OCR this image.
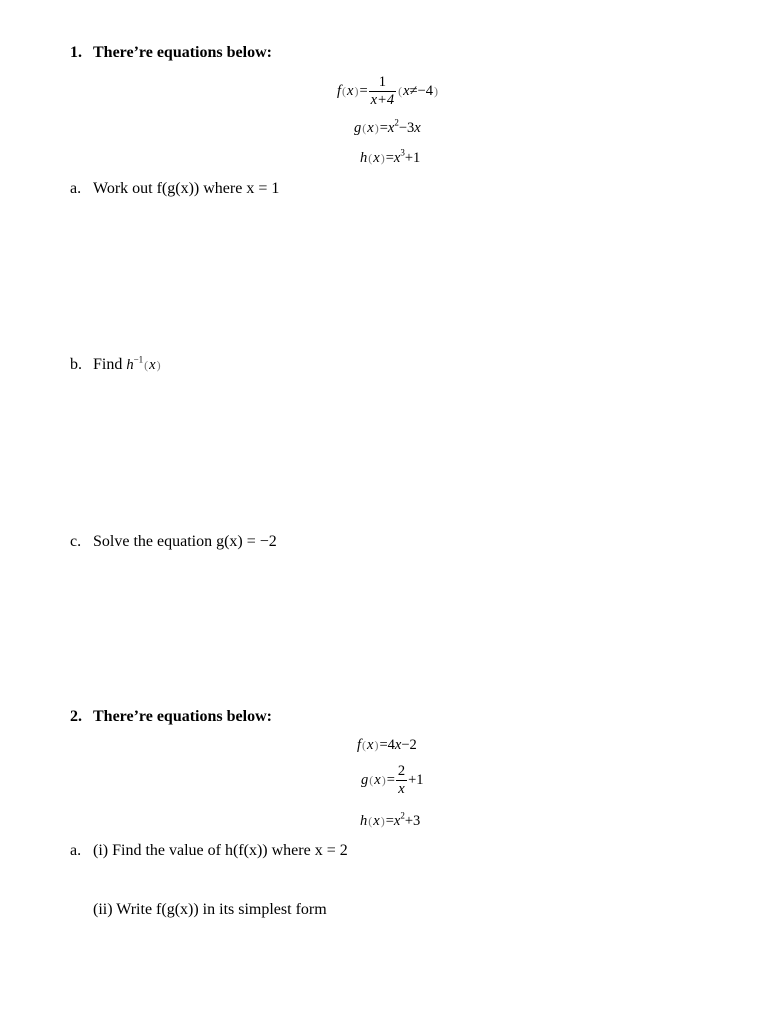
1. There’re equations below:
$f(x)= \frac{1}{x+4} (x\ne-4)$
$g(x)=x^2-3x$
$h(x)=x^3+1$
a. Work out f(g(x)) where x = 1
b. Find $h^{-1}(x)$
c. Solve the equation g(x) = −2
2. There’re equations below:
f(x)=4x−2
$g(x)= \frac{2}{x} +1$
$h(x)=x^2+3$
a. (i) Find the value of h(f(x)) where x = 2
(ii) Write f(g(x)) in its simplest form
